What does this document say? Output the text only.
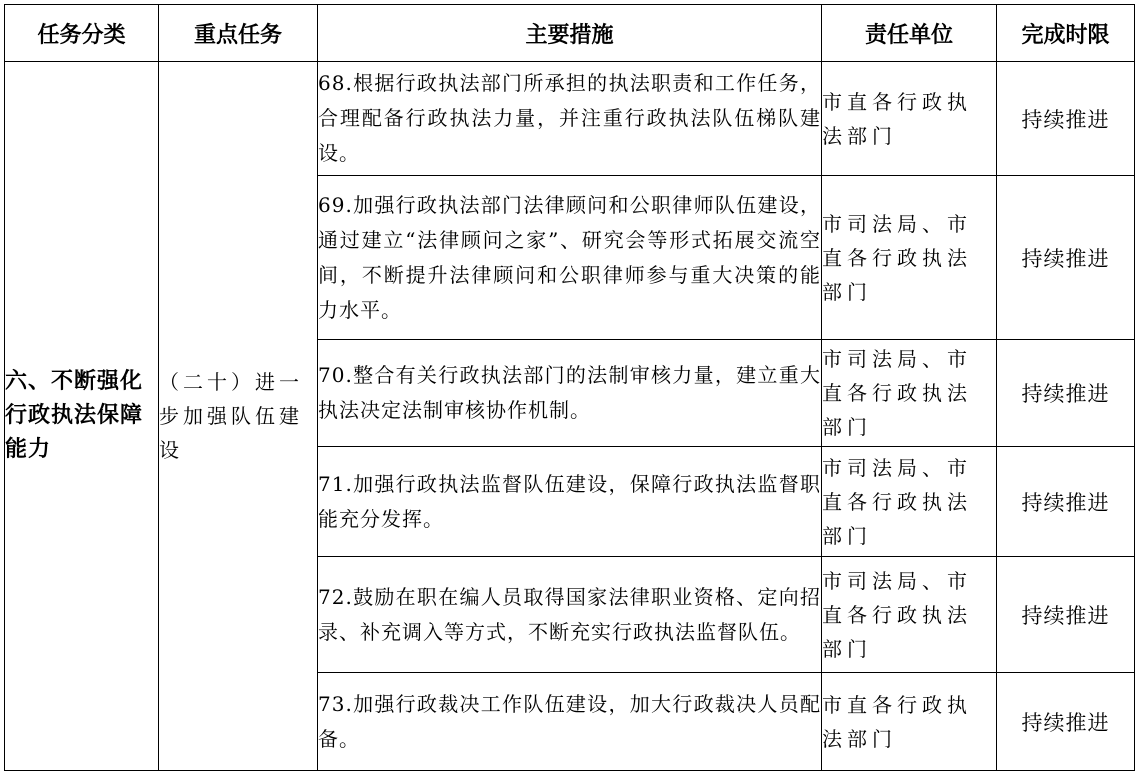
任务分类	重点任务	主要措施	责任单位	完成时限
六、不断强化行政执法保障能力	（二十）进一步加强队伍建设	68.根据行政执法部门所承担的执法职责和工作任务，合理配备行政执法力量，并注重行政执法队伍梯队建设。	市直各行政执法部门	持续推进
		69.加强行政执法部门法律顾问和公职律师队伍建设，通过建立“法律顾问之家”、研究会等形式拓展交流空间，不断提升法律顾问和公职律师参与重大决策的能力水平。	市司法局、市直各行政执法部门	持续推进
		70.整合有关行政执法部门的法制审核力量，建立重大执法决定法制审核协作机制。	市司法局、市直各行政执法部门	持续推进
		71.加强行政执法监督队伍建设，保障行政执法监督职能充分发挥。	市司法局、市直各行政执法部门	持续推进
		72.鼓励在职在编人员取得国家法律职业资格、定向招录、补充调入等方式，不断充实行政执法监督队伍。	市司法局、市直各行政执法部门	持续推进
		73.加强行政裁决工作队伍建设，加大行政裁决人员配备。	市直各行政执法部门	持续推进
